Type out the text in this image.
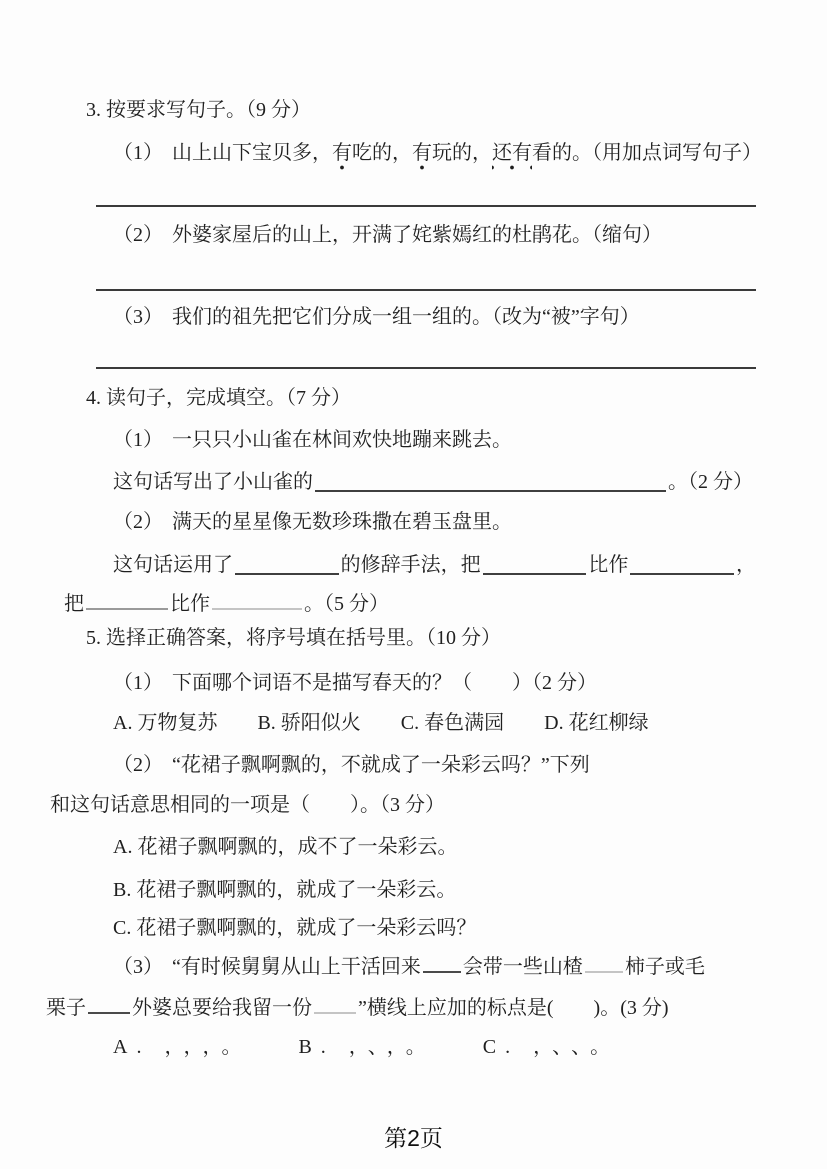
3. 按要求写句子。（9 分）
（1） 山上山下宝贝多，有吃的，有玩的，还有看的。（用加点词写句子）
（2） 外婆家屋后的山上，开满了姹紫嫣红的杜鹃花。（缩句）
（3） 我们的祖先把它们分成一组一组的。（改为“被”字句）
4. 读句子，完成填空。（7 分）
（1） 一只只小山雀在林间欢快地蹦来跳去。
这句话写出了小山雀的	。（2 分）
（2） 满天的星星像无数珍珠撒在碧玉盘里。
这句话运用了	的修辞手法，把	比作	，
把	比作	。（5 分）
5. 选择正确答案，将序号填在括号里。（10 分）
（1） 下面哪个词语不是描写春天的？（　　）（2 分）
A. 万物复苏　　B. 骄阳似火　　C. 春色满园　　D. 花红柳绿
（2） “花裙子飘啊飘的，不就成了一朵彩云吗？”下列
和这句话意思相同的一项是（　　）。（3 分）
A. 花裙子飘啊飘的，成不了一朵彩云。
B. 花裙子飘啊飘的，就成了一朵彩云。
C. 花裙子飘啊飘的，就成了一朵彩云吗？
（3） “有时候舅舅从山上干活回来 会带一些山楂 柿子或毛
栗子 外婆总要给我留一份 ”横线上应加的标点是(　　)。(3 分)
A. ，，，。　　B. ，、，。　　C. ，、、。
第2页
